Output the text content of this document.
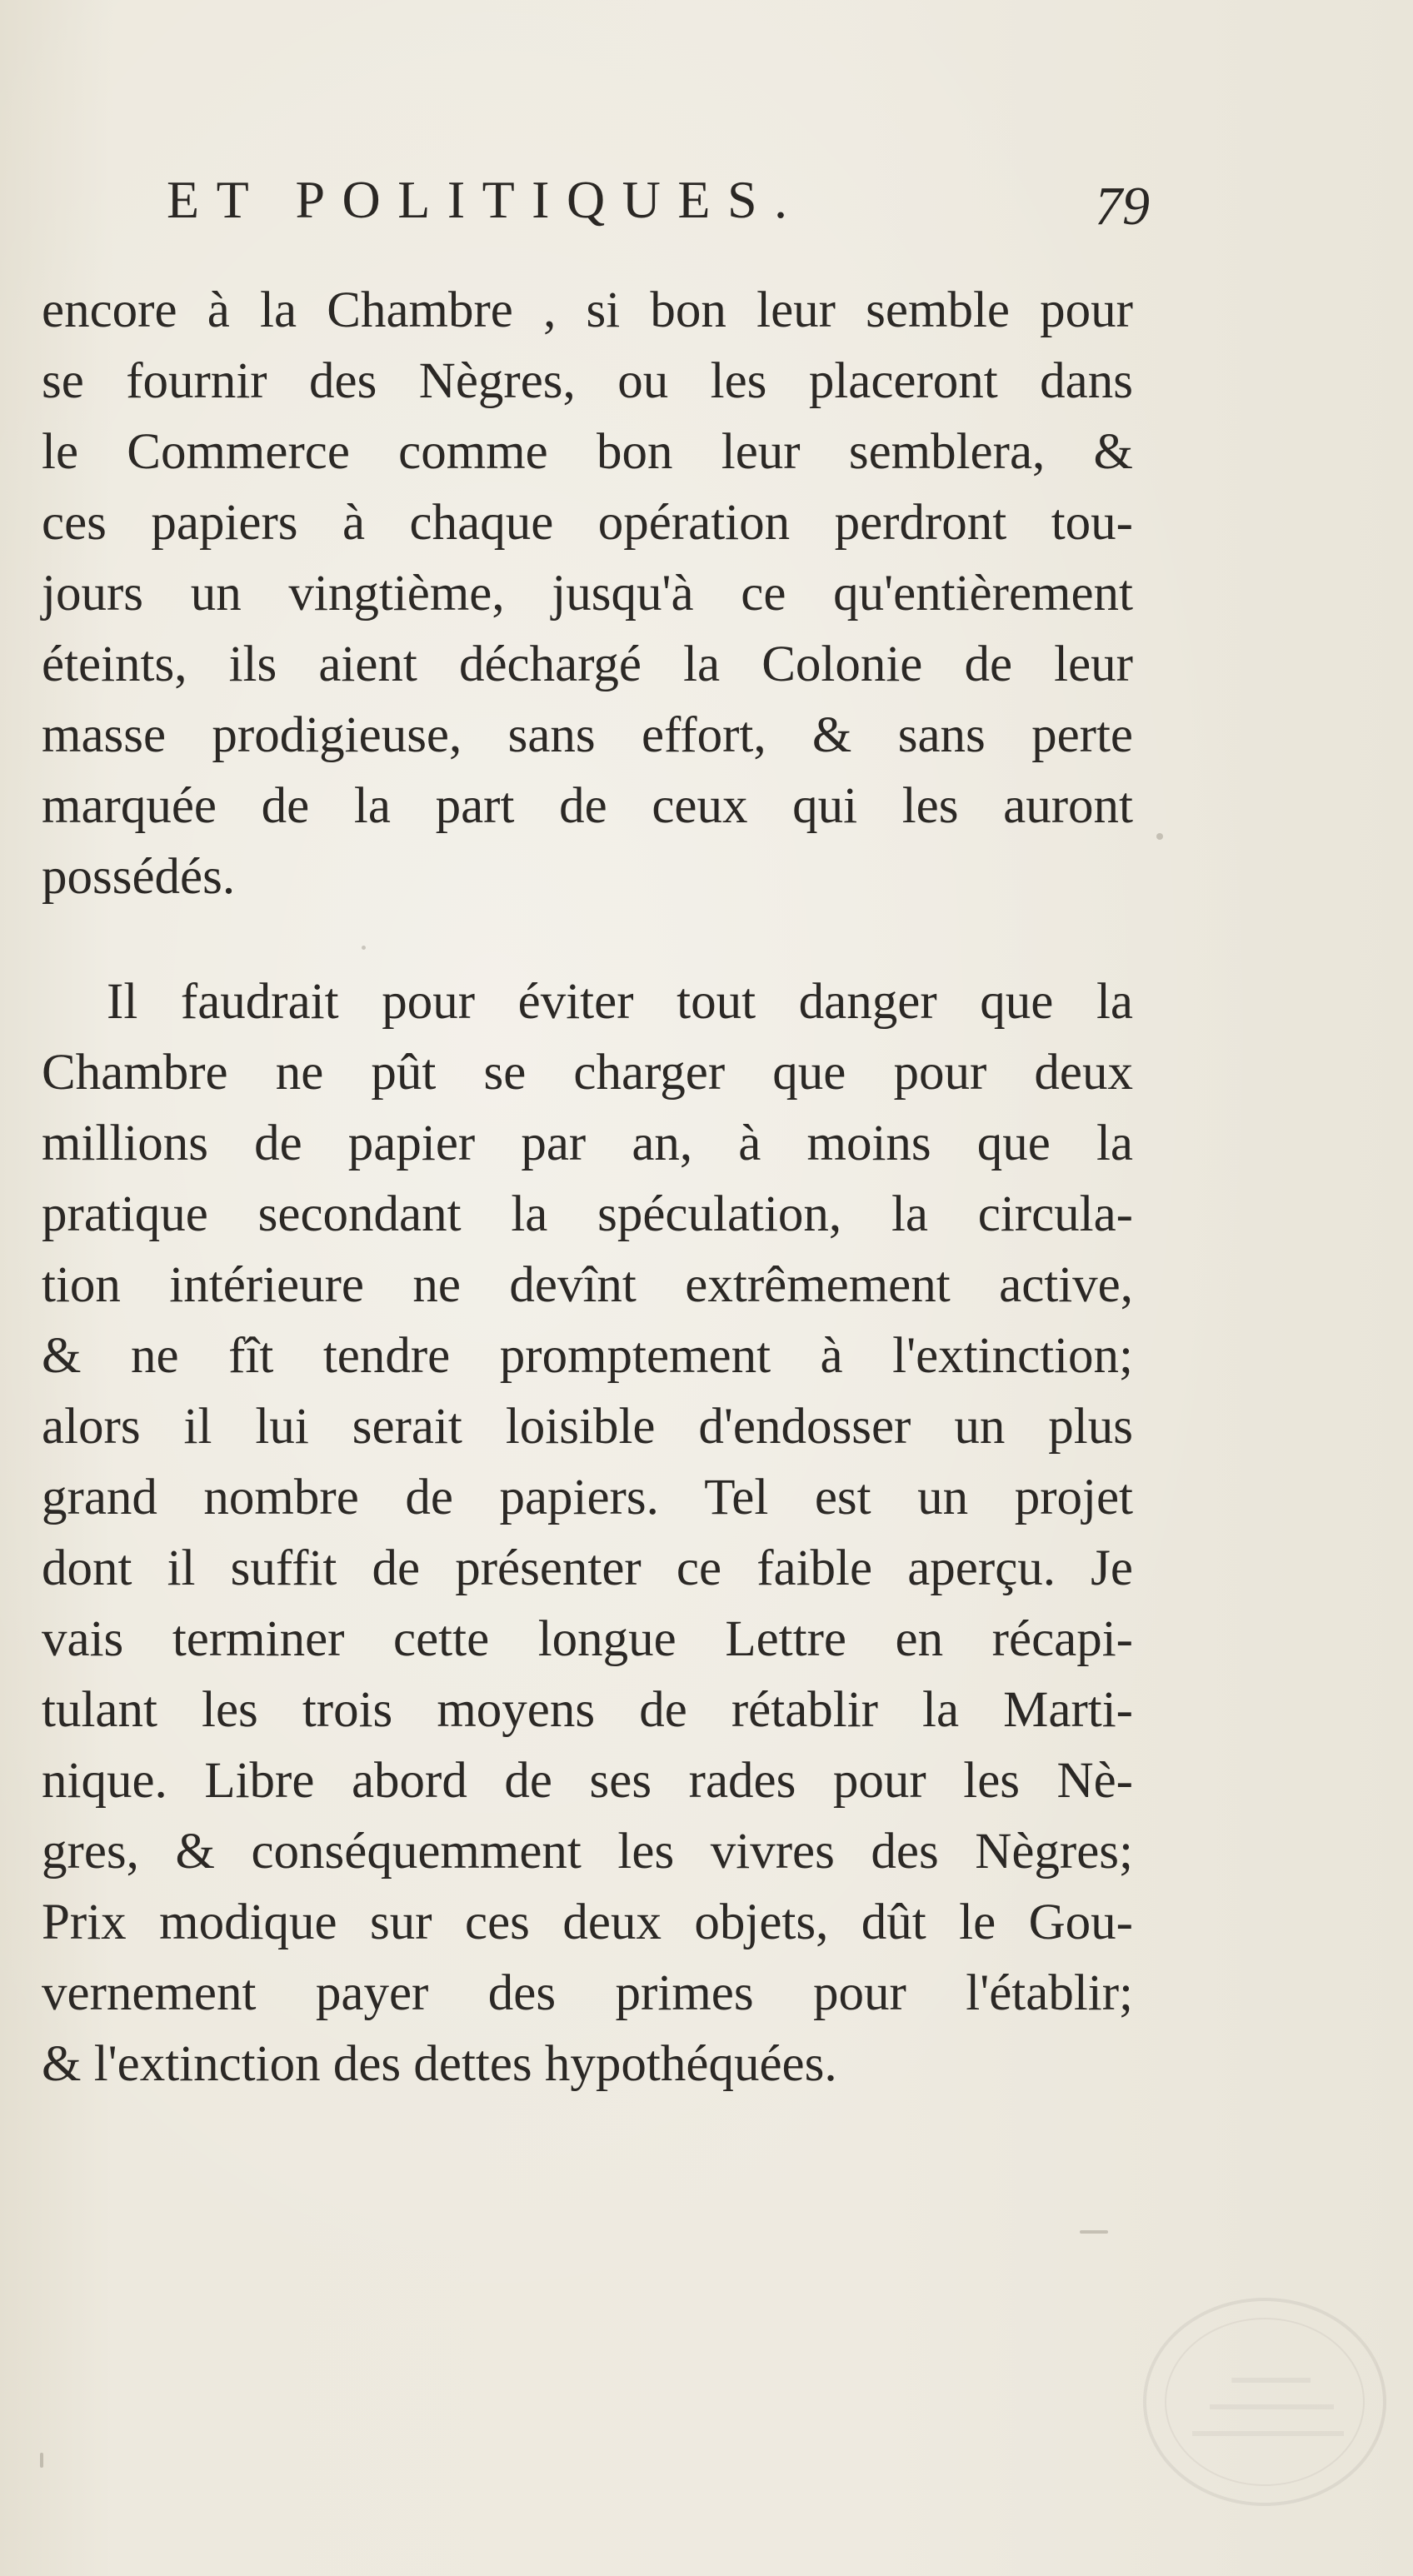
ET POLITIQUES.	79

encore à la Chambre , si bon leur semble pour
se fournir des Nègres, ou les placeront dans
le Commerce comme bon leur semblera, &
ces papiers à chaque opération perdront tou-
jours un vingtième, jusqu'à ce qu'entièrement
éteints, ils aient déchargé la Colonie de leur
masse prodigieuse, sans effort, & sans perte
marquée de la part de ceux qui les auront
possédés.

Il faudrait pour éviter tout danger que la
Chambre ne pût se charger que pour deux
millions de papier par an, à moins que la
pratique secondant la spéculation, la circula-
tion intérieure ne devînt extrêmement active,
& ne fît tendre promptement à l'extinction;
alors il lui serait loisible d'endosser un plus
grand nombre de papiers. Tel est un projet
dont il suffit de présenter ce faible aperçu. Je
vais terminer cette longue Lettre en récapi-
tulant les trois moyens de rétablir la Marti-
nique. Libre abord de ses rades pour les Nè-
gres, & conséquemment les vivres des Nègres;
Prix modique sur ces deux objets, dût le Gou-
vernement payer des primes pour l'établir;
& l'extinction des dettes hypothéquées.
